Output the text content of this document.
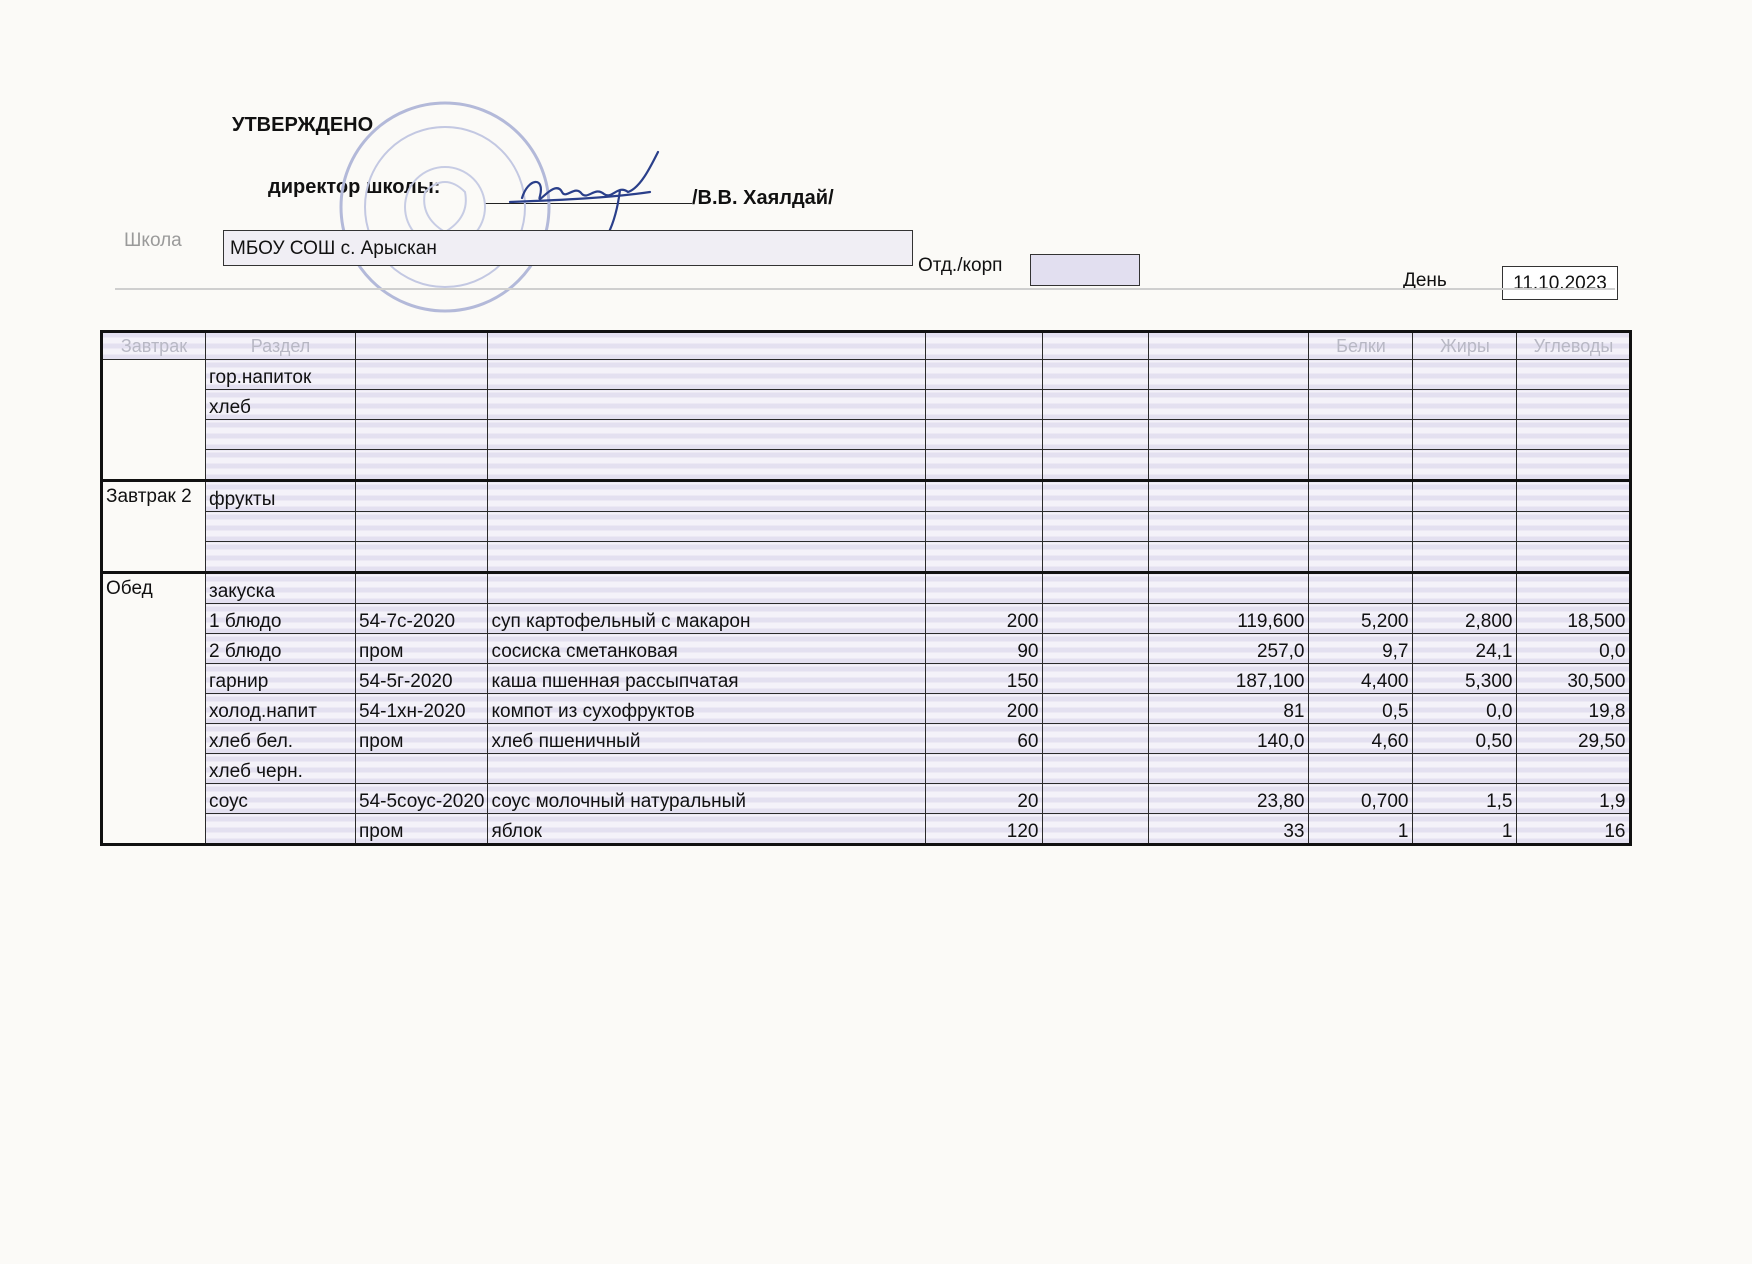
УТВЕРЖДЕНО
директор школы:	/В.В. Хаялдай/
Школа	МБОУ СОШ с. Арыскан
Отд./корп
День	11.10.2023
Завтрак	Раздел						Белки	Жиры	Углеводы
	гор.напиток								
	хлеб								

Завтрак 2	фрукты								

Обед	закуска								
	1 блюдо	54-7с-2020	суп картофельный с макарон	200		119,600	5,200	2,800	18,500
	2 блюдо	пром	сосиска сметанковая	90		257,0	9,7	24,1	0,0
	гарнир	54-5г-2020	каша пшенная рассыпчатая	150		187,100	4,400	5,300	30,500
	холод.напит	54-1хн-2020	компот из сухофруктов	200		81	0,5	0,0	19,8
	хлеб бел.	пром	хлеб пшеничный	60		140,0	4,60	0,50	29,50
	хлеб черн.								
	соус	54-5соус-2020	соус молочный натуральный	20		23,80	0,700	1,5	1,9
		пром	яблок	120		33	1	1	16
